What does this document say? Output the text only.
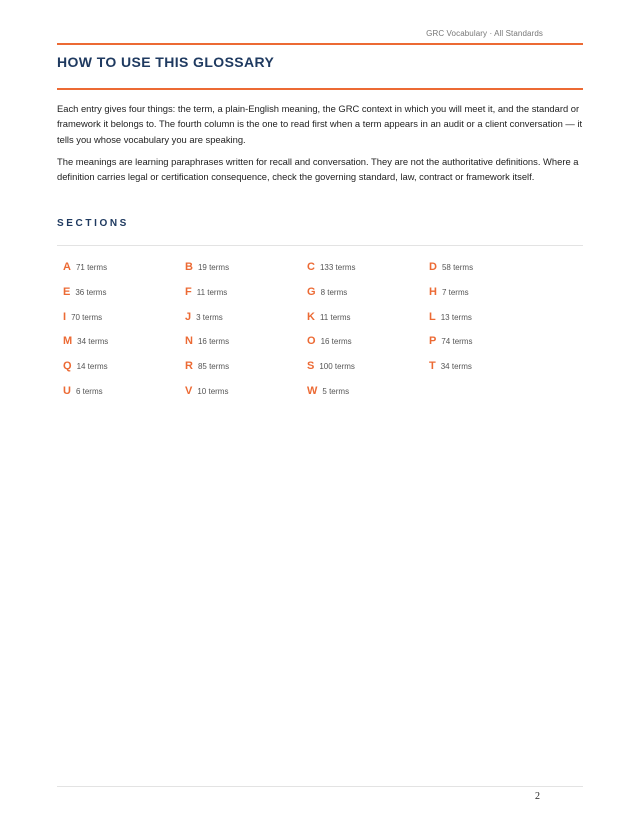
GRC Vocabulary · All Standards
HOW TO USE THIS GLOSSARY

Each entry gives four things: the term, a plain-English meaning, the GRC context in which you will meet it, and the standard or framework it belongs to. The fourth column is the one to read first when a term appears in an audit or a client conversation — it tells you whose vocabulary you are speaking.

The meanings are learning paraphrases written for recall and conversation. They are not the authoritative definitions. Where a definition carries legal or certification consequence, check the governing standard, law, contract or framework itself.

SECTIONS
A 71 terms	B 19 terms	C 133 terms	D 58 terms
E 36 terms	F 11 terms	G 8 terms	H 7 terms
I 70 terms	J 3 terms	K 11 terms	L 13 terms
M 34 terms	N 16 terms	O 16 terms	P 74 terms
Q 14 terms	R 85 terms	S 100 terms	T 34 terms
U 6 terms	V 10 terms	W 5 terms
2
